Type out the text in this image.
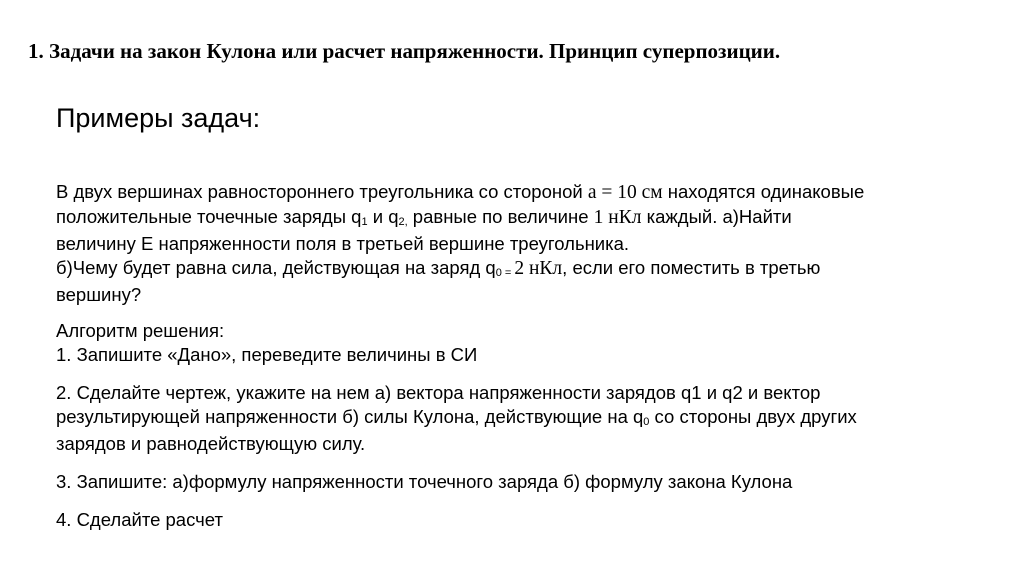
1. Задачи на закон Кулона или расчет напряженности. Принцип суперпозиции.
Примеры задач:
В двух вершинах равностороннего треугольника со стороной а = 10 см находятся одинаковые
положительные точечные заряды q1 и q2, равные по величине 1 нКл каждый. а)Найти
величину Е напряженности поля в третьей вершине треугольника.
б)Чему будет равна сила, действующая на заряд q0 = 2 нКл, если его поместить в третью
вершину?
Алгоритм решения:
1. Запишите «Дано», переведите величины в СИ
2. Сделайте чертеж, укажите на нем а) вектора напряженности зарядов q1 и q2 и вектор
результирующей напряженности б) силы Кулона, действующие на q0 со стороны двух других
зарядов и равнодействующую силу.
3. Запишите: а)формулу напряженности точечного заряда б) формулу закона Кулона
4. Сделайте расчет
